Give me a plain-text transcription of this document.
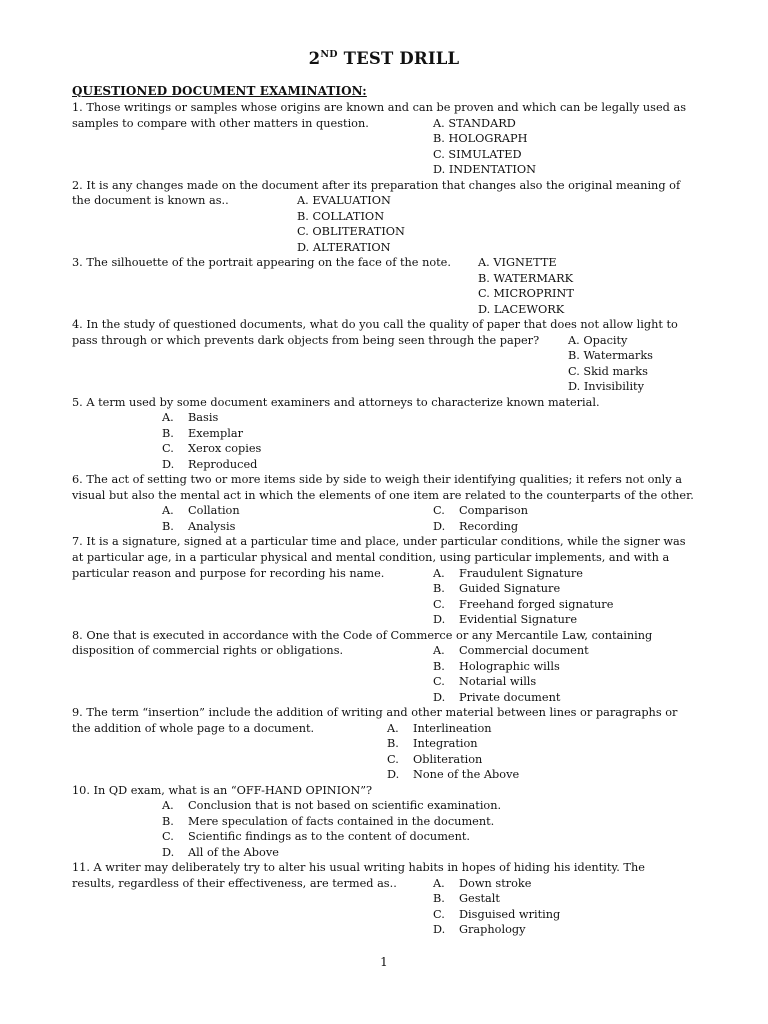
2ND TEST DRILL
QUESTIONED DOCUMENT EXAMINATION:
1. Those writings or samples whose origins are known and can be proven and which can be legally used as
samples to compare with other matters in question.	A. STANDARD
B. HOLOGRAPH
C. SIMULATED
D. INDENTATION
2. It is any changes made on the document after its preparation that changes also the original meaning of
the document is known as..	A. EVALUATION
B. COLLATION
C. OBLITERATION
D. ALTERATION
3. The silhouette of the portrait appearing on the face of the note. A. VIGNETTE
B. WATERMARK
C. MICROPRINT
D. LACEWORK
4. In the study of questioned documents, what do you call the quality of paper that does not allow light to
pass through or which prevents dark objects from being seen through the paper?	A. Opacity
B. Watermarks
C. Skid marks
D. Invisibility
5. A term used by some document examiners and attorneys to characterize known material.
A. Basis
B. Exemplar
C. Xerox copies
D. Reproduced
6. The act of setting two or more items side by side to weigh their identifying qualities; it refers not only a
visual but also the mental act in which the elements of one item are related to the counterparts of the other.
A. Collation
B. Analysis
C. Comparison
D. Recording
7. It is a signature, signed at a particular time and place, under particular conditions, while the signer was
at particular age, in a particular physical and mental condition, using particular implements, and with a
particular reason and purpose for recording his name.	A. Fraudulent Signature
B. Guided Signature
C. Freehand forged signature
D. Evidential Signature
8. One that is executed in accordance with the Code of Commerce or any Mercantile Law, containing
disposition of commercial rights or obligations.	A. Commercial document
B. Holographic wills
C. Notarial wills
D. Private document
9. The term “insertion” include the addition of writing and other material between lines or paragraphs or
the addition of whole page to a document.	A. Interlineation
B. Integration
C. Obliteration
D. None of the Above
10. In QD exam, what is an “OFF-HAND OPINION”?
A. Conclusion that is not based on scientific examination.
B. Mere speculation of facts contained in the document.
C. Scientific findings as to the content of document.
D. All of the Above
11. A writer may deliberately try to alter his usual writing habits in hopes of hiding his identity. The
results, regardless of their effectiveness, are termed as..	A. Down stroke
B. Gestalt
C. Disguised writing
D. Graphology
1
